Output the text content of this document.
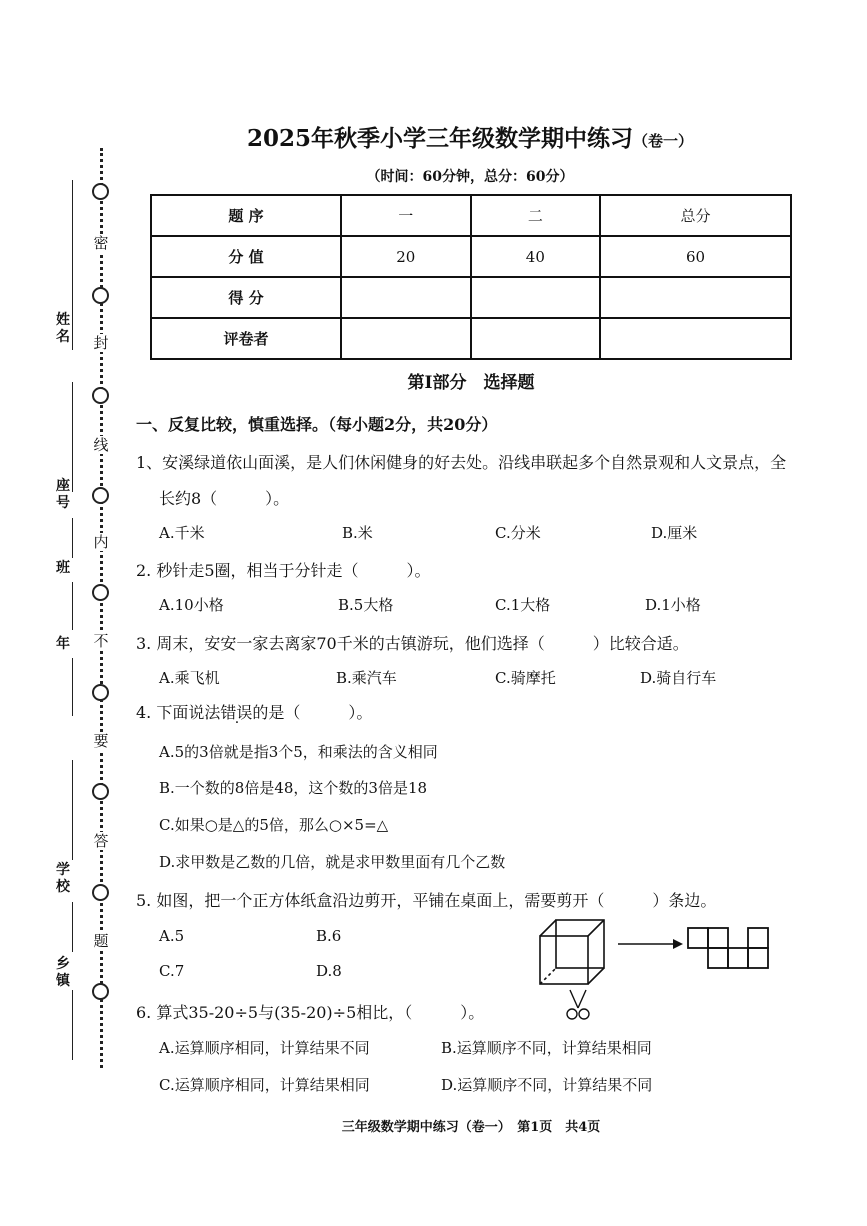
密
封
线
内
不
要
答
题
姓名
座号
班
年
学校
乡镇
2025年秋季小学三年级数学期中练习（卷一）
（时间：60分钟，总分：60分）
题 序	一	二	总分
分 值	20	40	60
得 分			
评卷者			
第Ⅰ部分　选择题
一、反复比较，慎重选择。（每小题2分，共20分）
1、安溪绿道依山面溪，是人们休闲健身的好去处。沿线串联起多个自然景观和人文景点，全
长约8（　　　）。
A.千米	B.米	C.分米	D.厘米
2. 秒针走5圈，相当于分针走（　　　）。
A.10小格	B.5大格	C.1大格	D.1小格
3. 周末，安安一家去离家70千米的古镇游玩，他们选择（　　　）比较合适。
A.乘飞机	B.乘汽车	C.骑摩托	D.骑自行车
4. 下面说法错误的是（　　　）。
A.5的3倍就是指3个5，和乘法的含义相同
B.一个数的8倍是48，这个数的3倍是18
C.如果○是△的5倍，那么○×5=△
D.求甲数是乙数的几倍，就是求甲数里面有几个乙数
5. 如图，把一个正方体纸盒沿边剪开，平铺在桌面上，需要剪开（　　　）条边。
A.5	B.6
C.7	D.8
6. 算式35-20÷5与(35-20)÷5相比，（　　　）。
A.运算顺序相同，计算结果不同	B.运算顺序不同，计算结果相同
C.运算顺序相同，计算结果相同	D.运算顺序不同，计算结果不同
三年级数学期中练习（卷一）　第1页　共4页
